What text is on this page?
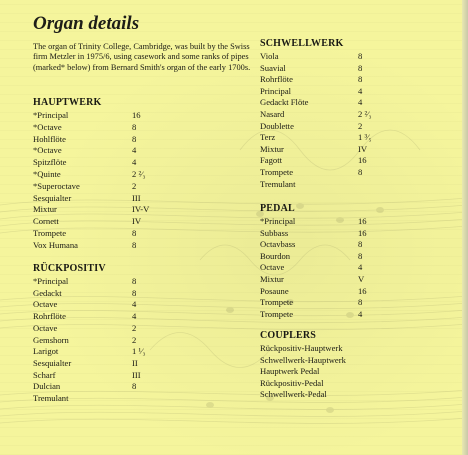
Organ details
The organ of Trinity College, Cambridge, was built by the Swiss firm Metzler in 1975/6, using casework and some ranks of pipes (marked* below) from Bernard Smith's organ of the early 1700s.
HAUPTWERK
*Principal	16
*Octave	8
Hohlflöte	8
*Octave	4
Spitzflöte	4
*Quinte	2 ²⁄₃
*Superoctave	2
Sesquialter	III
Mixtur	IV-V
Cornett	IV
Trompete	8
Vox Humana	8
RÜCKPOSITIV
*Principal	8
Gedackt	8
Octave	4
Rohrflöte	4
Octave	2
Gemshorn	2
Larigot	1 ¹⁄₃
Sesquialter	II
Scharf	III
Dulcian	8
Tremulant
SCHWELLWERK
Viola	8
Suavial	8
Rohrflöte	8
Principal	4
Gedackt Flöte	4
Nasard	2 ²⁄₃
Doublette	2
Terz	1 ³⁄₅
Mixtur	IV
Fagott	16
Trompete	8
Tremulant
PEDAL
*Principal	16
Subbass	16
Octavbass	8
Bourdon	8
Octave	4
Mixtur	V
Posaune	16
Trompete	8
Trompete	4
COUPLERS
Rückpositiv-Hauptwerk
Schwellwerk-Hauptwerk
Hauptwerk Pedal
Rückpositiv-Pedal
Schwellwerk-Pedal
